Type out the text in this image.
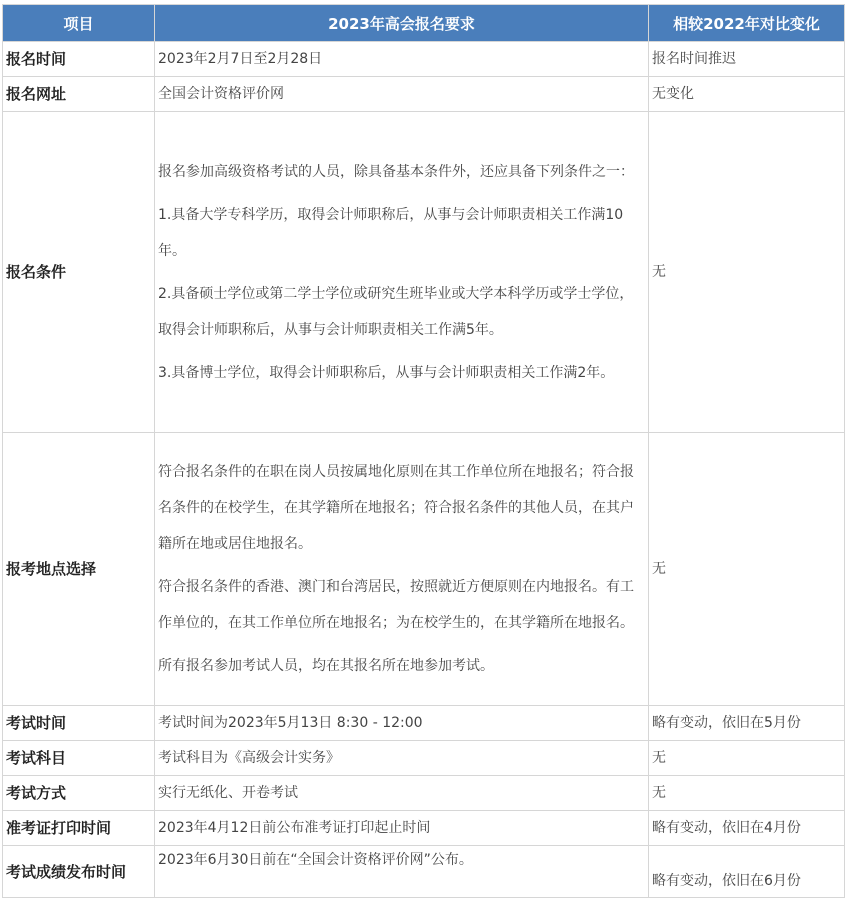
项目	2023年高会报名要求	相较2022年对比变化
报名时间	2023年2月7日至2月28日	报名时间推迟
报名网址	全国会计资格评价网	无变化
报名条件	报名参加高级资格考试的人员，除具备基本条件外，还应具备下列条件之一：

1.具备大学专科学历，取得会计师职称后，从事与会计师职责相关工作满10年。

2.具备硕士学位或第二学士学位或研究生班毕业或大学本科学历或学士学位，取得会计师职称后，从事与会计师职责相关工作满5年。

3.具备博士学位，取得会计师职称后，从事与会计师职责相关工作满2年。	无
报考地点选择	符合报名条件的在职在岗人员按属地化原则在其工作单位所在地报名；符合报名条件的在校学生，在其学籍所在地报名；符合报名条件的其他人员，在其户籍所在地或居住地报名。

符合报名条件的香港、澳门和台湾居民，按照就近方便原则在内地报名。有工作单位的，在其工作单位所在地报名；为在校学生的，在其学籍所在地报名。

所有报名参加考试人员，均在其报名所在地参加考试。	无
考试时间	考试时间为2023年5月13日 8:30 - 12:00	略有变动，依旧在5月份
考试科目	考试科目为《高级会计实务》	无
考试方式	实行无纸化、开卷考试	无
准考证打印时间	2023年4月12日前公布准考证打印起止时间	略有变动，依旧在4月份
考试成绩发布时间	2023年6月30日前在“全国会计资格评价网”公布。	略有变动，依旧在6月份
